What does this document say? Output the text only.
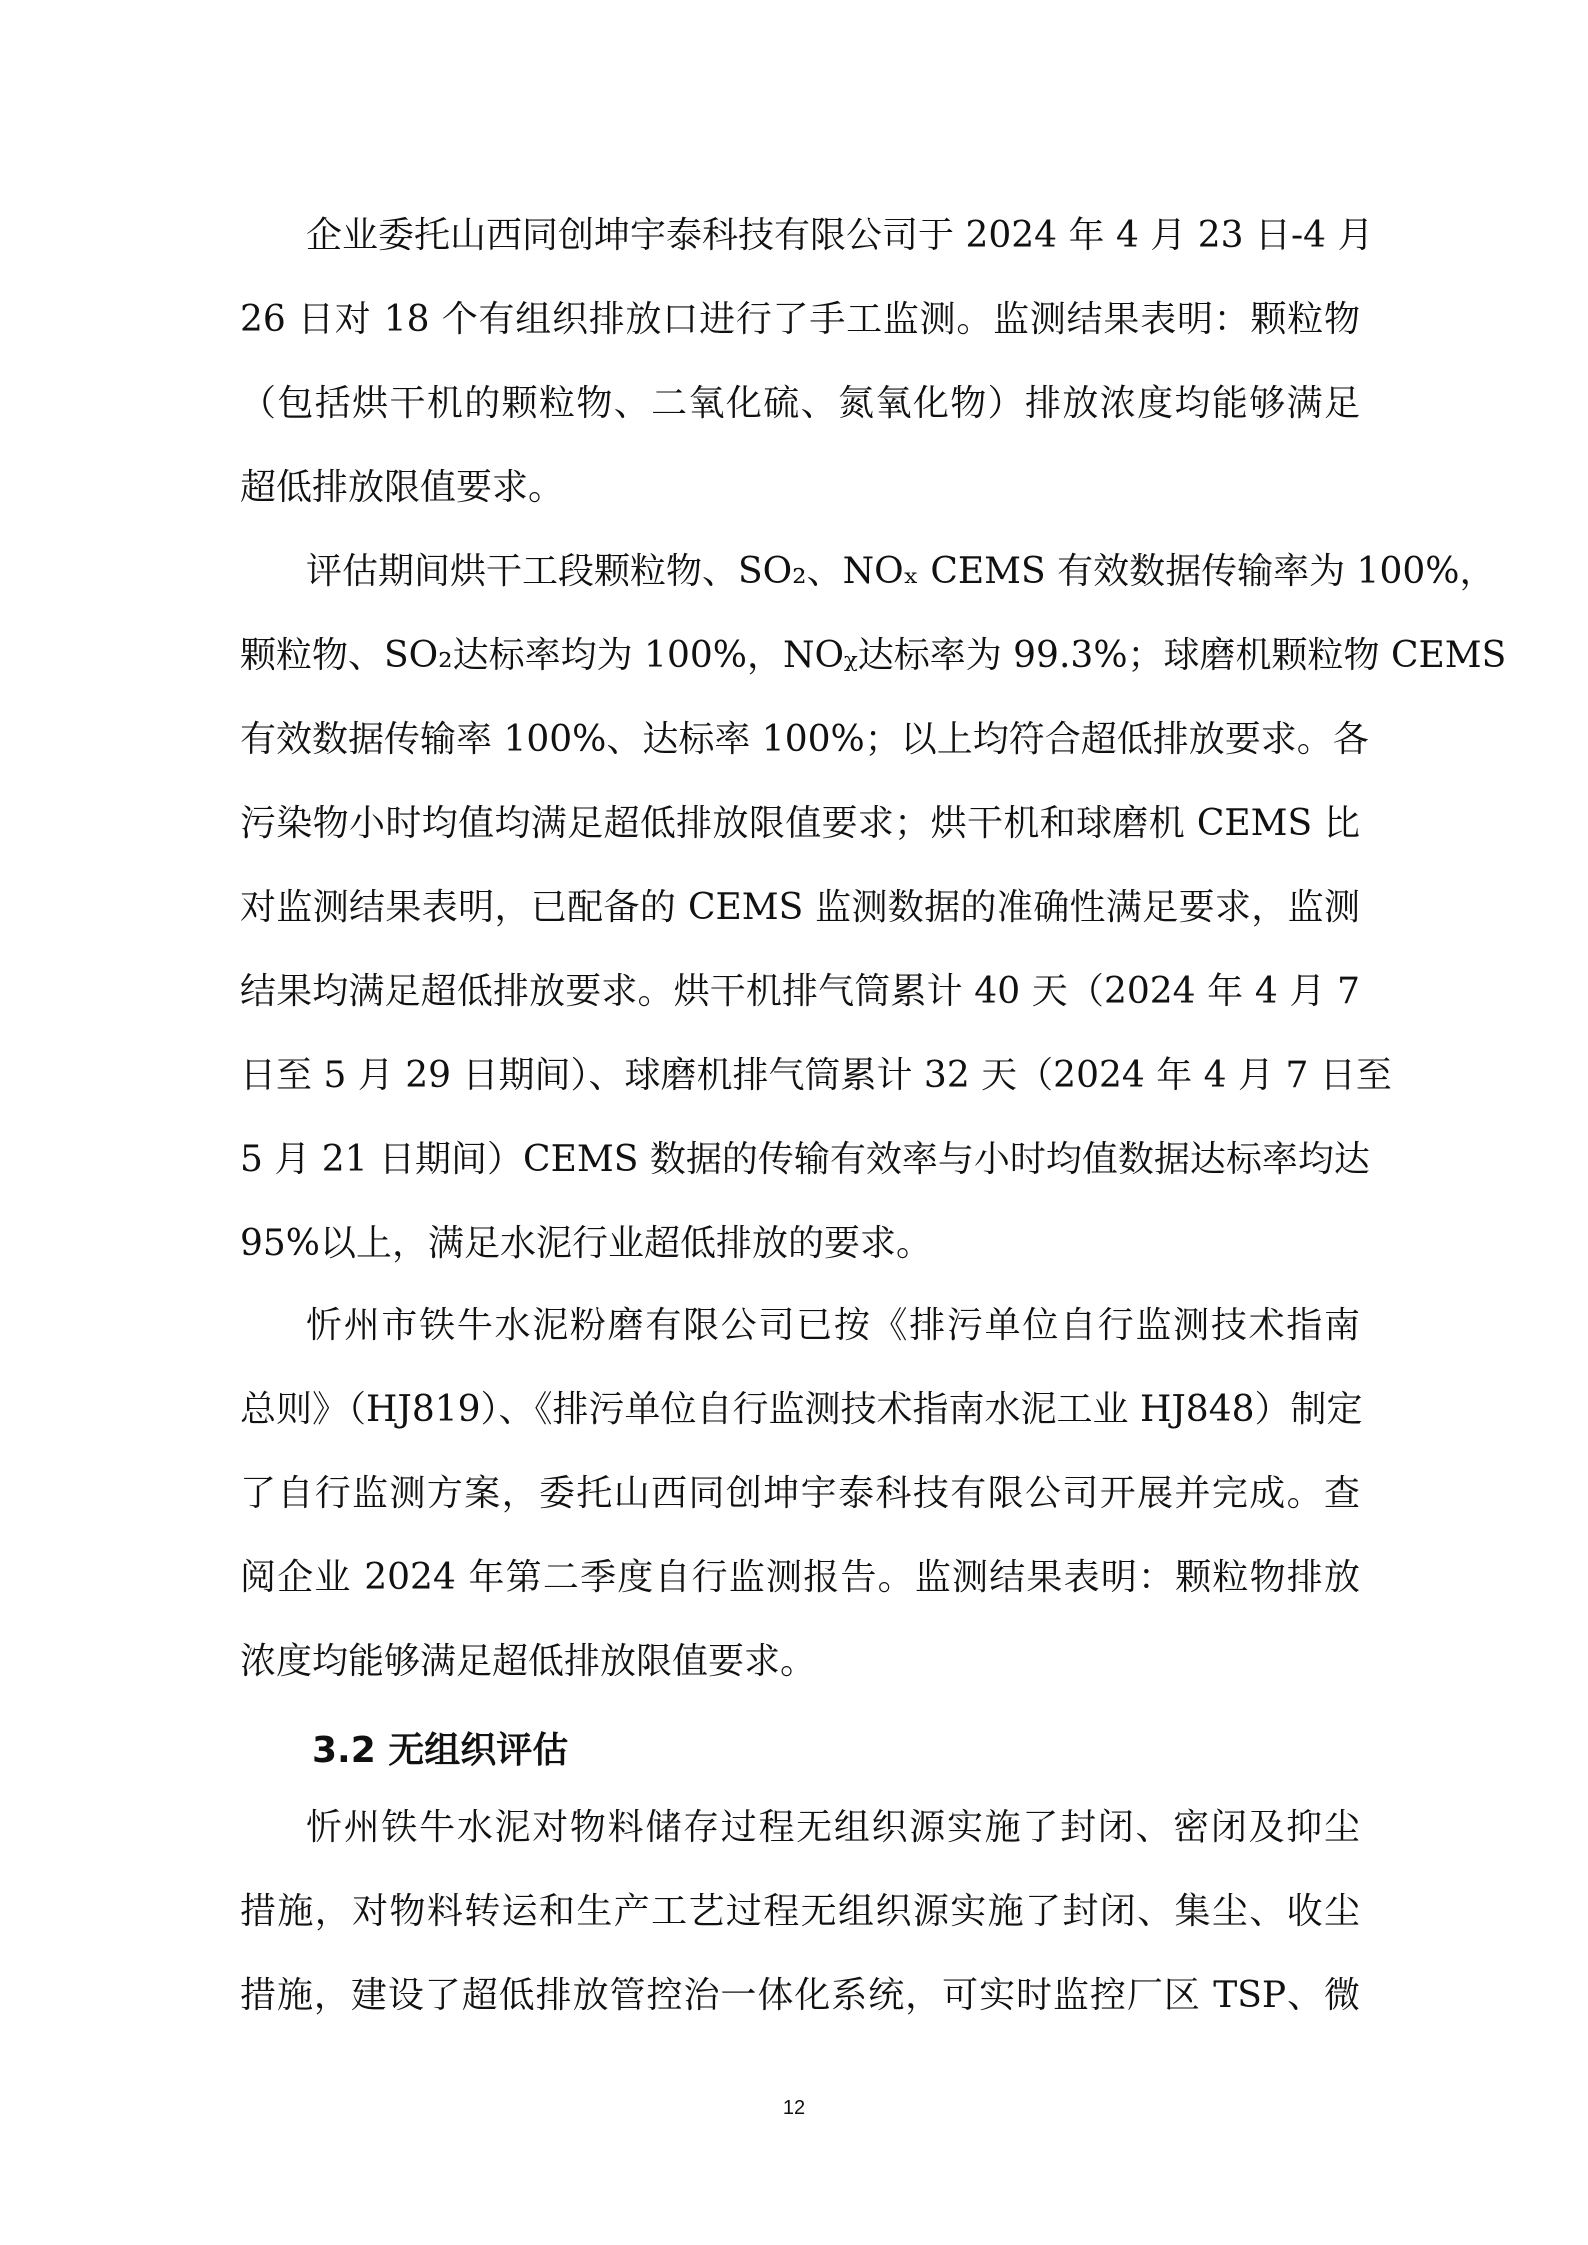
企业委托山西同创坤宇泰科技有限公司于 2024 年 4 月 23 日-4 月
26 日对 18 个有组织排放口进行了手工监测。监测结果表明：颗粒物
（包括烘干机的颗粒物、二氧化硫、氮氧化物）排放浓度均能够满足
超低排放限值要求。
评估期间烘干工段颗粒物、SO₂、NOₓ CEMS 有效数据传输率为 100%，
颗粒物、SO₂达标率均为 100%，NOᵪ达标率为 99.3%；球磨机颗粒物 CEMS
有效数据传输率 100%、达标率 100%；以上均符合超低排放要求。各
污染物小时均值均满足超低排放限值要求；烘干机和球磨机 CEMS 比
对监测结果表明，已配备的 CEMS 监测数据的准确性满足要求，监测
结果均满足超低排放要求。烘干机排气筒累计 40 天（2024 年 4 月 7
日至 5 月 29 日期间）、球磨机排气筒累计 32 天（2024 年 4 月 7 日至
5 月 21 日期间）CEMS 数据的传输有效率与小时均值数据达标率均达
95%以上，满足水泥行业超低排放的要求。
忻州市铁牛水泥粉磨有限公司已按《排污单位自行监测技术指南
总则》（HJ819）、《排污单位自行监测技术指南水泥工业 HJ848）制定
了自行监测方案，委托山西同创坤宇泰科技有限公司开展并完成。查
阅企业 2024 年第二季度自行监测报告。监测结果表明：颗粒物排放
浓度均能够满足超低排放限值要求。
3.2 无组织评估
忻州铁牛水泥对物料储存过程无组织源实施了封闭、密闭及抑尘
措施，对物料转运和生产工艺过程无组织源实施了封闭、集尘、收尘
措施，建设了超低排放管控治一体化系统，可实时监控厂区 TSP、微
12
